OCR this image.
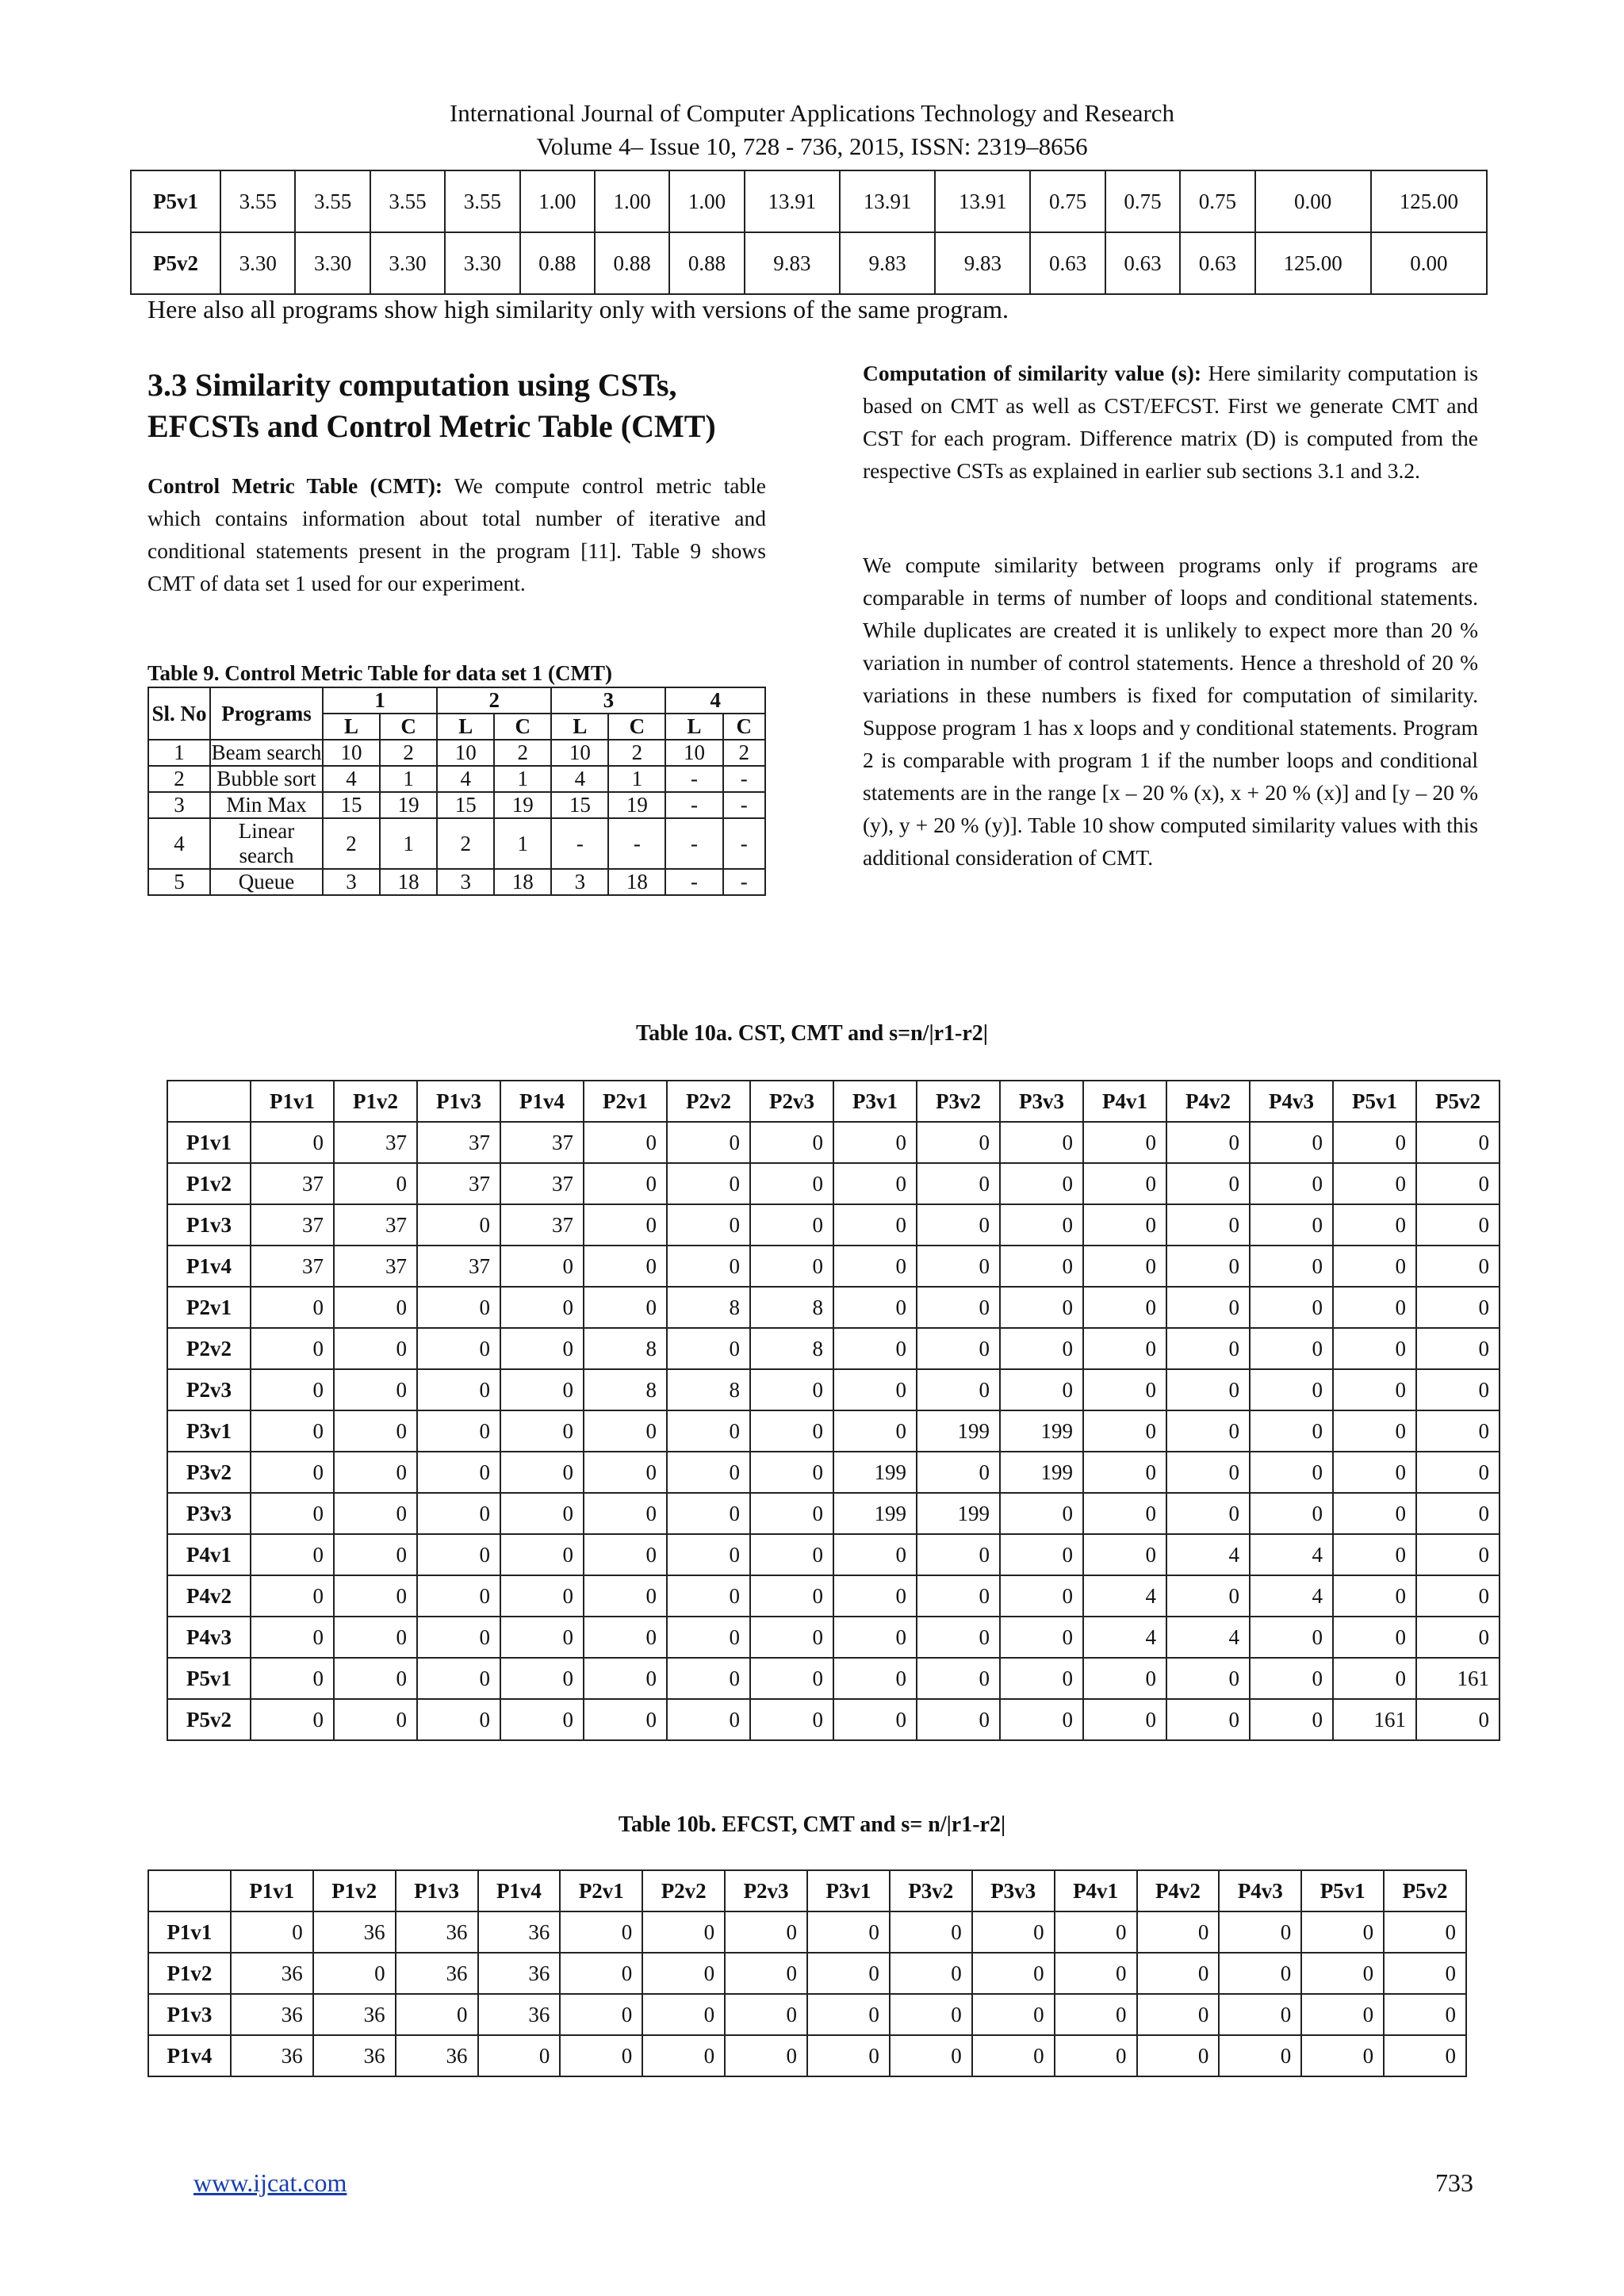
International Journal of Computer Applications Technology and Research
Volume 4– Issue 10, 728 - 736, 2015, ISSN: 2319–8656
P5v1	3.55	3.55	3.55	3.55	1.00	1.00	1.00	13.91	13.91	13.91	0.75	0.75	0.75	0.00	125.00
P5v2	3.30	3.30	3.30	3.30	0.88	0.88	0.88	9.83	9.83	9.83	0.63	0.63	0.63	125.00	0.00
Here also all programs show high similarity only with versions of the same program.
3.3 Similarity computation using CSTs,
EFCSTs and Control Metric Table (CMT)

Control Metric Table (CMT): We compute control metric table which contains information about total number of iterative and conditional statements present in the program [11]. Table 9 shows CMT of data set 1 used for our experiment.

Table 9. Control Metric Table for data set 1 (CMT)
Sl. No	Programs	1		2		3		4	
		L	C	L	C	L	C	L	C
1	Beam search	10	2	10	2	10	2	10	2
2	Bubble sort	4	1	4	1	4	1	-	-
3	Min Max	15	19	15	19	15	19	-	-
4	Linear search	2	1	2	1	-	-	-	-
5	Queue	3	18	3	18	3	18	-	-

Computation of similarity value (s): Here similarity computation is based on CMT as well as CST/EFCST. First we generate CMT and CST for each program. Difference matrix (D) is computed from the respective CSTs as explained in earlier sub sections 3.1 and 3.2.

We compute similarity between programs only if programs are comparable in terms of number of loops and conditional statements. While duplicates are created it is unlikely to expect more than 20 % variation in number of control statements. Hence a threshold of 20 % variations in these numbers is fixed for computation of similarity. Suppose program 1 has x loops and y conditional statements. Program 2 is comparable with program 1 if the number loops and conditional statements are in the range [x – 20 % (x), x + 20 % (x)] and [y – 20 % (y), y + 20 % (y)]. Table 10 show computed similarity values with this additional consideration of CMT.

Table 10a. CST, CMT and s=n/|r1-r2|
	P1v1	P1v2	P1v3	P1v4	P2v1	P2v2	P2v3	P3v1	P3v2	P3v3	P4v1	P4v2	P4v3	P5v1	P5v2
P1v1	0	37	37	37	0	0	0	0	0	0	0	0	0	0	0
P1v2	37	0	37	37	0	0	0	0	0	0	0	0	0	0	0
P1v3	37	37	0	37	0	0	0	0	0	0	0	0	0	0	0
P1v4	37	37	37	0	0	0	0	0	0	0	0	0	0	0	0
P2v1	0	0	0	0	0	8	8	0	0	0	0	0	0	0	0
P2v2	0	0	0	0	8	0	8	0	0	0	0	0	0	0	0
P2v3	0	0	0	0	8	8	0	0	0	0	0	0	0	0	0
P3v1	0	0	0	0	0	0	0	0	199	199	0	0	0	0	0
P3v2	0	0	0	0	0	0	0	199	0	199	0	0	0	0	0
P3v3	0	0	0	0	0	0	0	199	199	0	0	0	0	0	0
P4v1	0	0	0	0	0	0	0	0	0	0	0	4	4	0	0
P4v2	0	0	0	0	0	0	0	0	0	0	4	0	4	0	0
P4v3	0	0	0	0	0	0	0	0	0	0	4	4	0	0	0
P5v1	0	0	0	0	0	0	0	0	0	0	0	0	0	0	161
P5v2	0	0	0	0	0	0	0	0	0	0	0	0	0	161	0
Table 10b. EFCST, CMT and s= n/|r1-r2|
	P1v1	P1v2	P1v3	P1v4	P2v1	P2v2	P2v3	P3v1	P3v2	P3v3	P4v1	P4v2	P4v3	P5v1	P5v2
P1v1	0	36	36	36	0	0	0	0	0	0	0	0	0	0	0
P1v2	36	0	36	36	0	0	0	0	0	0	0	0	0	0	0
P1v3	36	36	0	36	0	0	0	0	0	0	0	0	0	0	0
P1v4	36	36	36	0	0	0	0	0	0	0	0	0	0	0	0
www.ijcat.com	733
